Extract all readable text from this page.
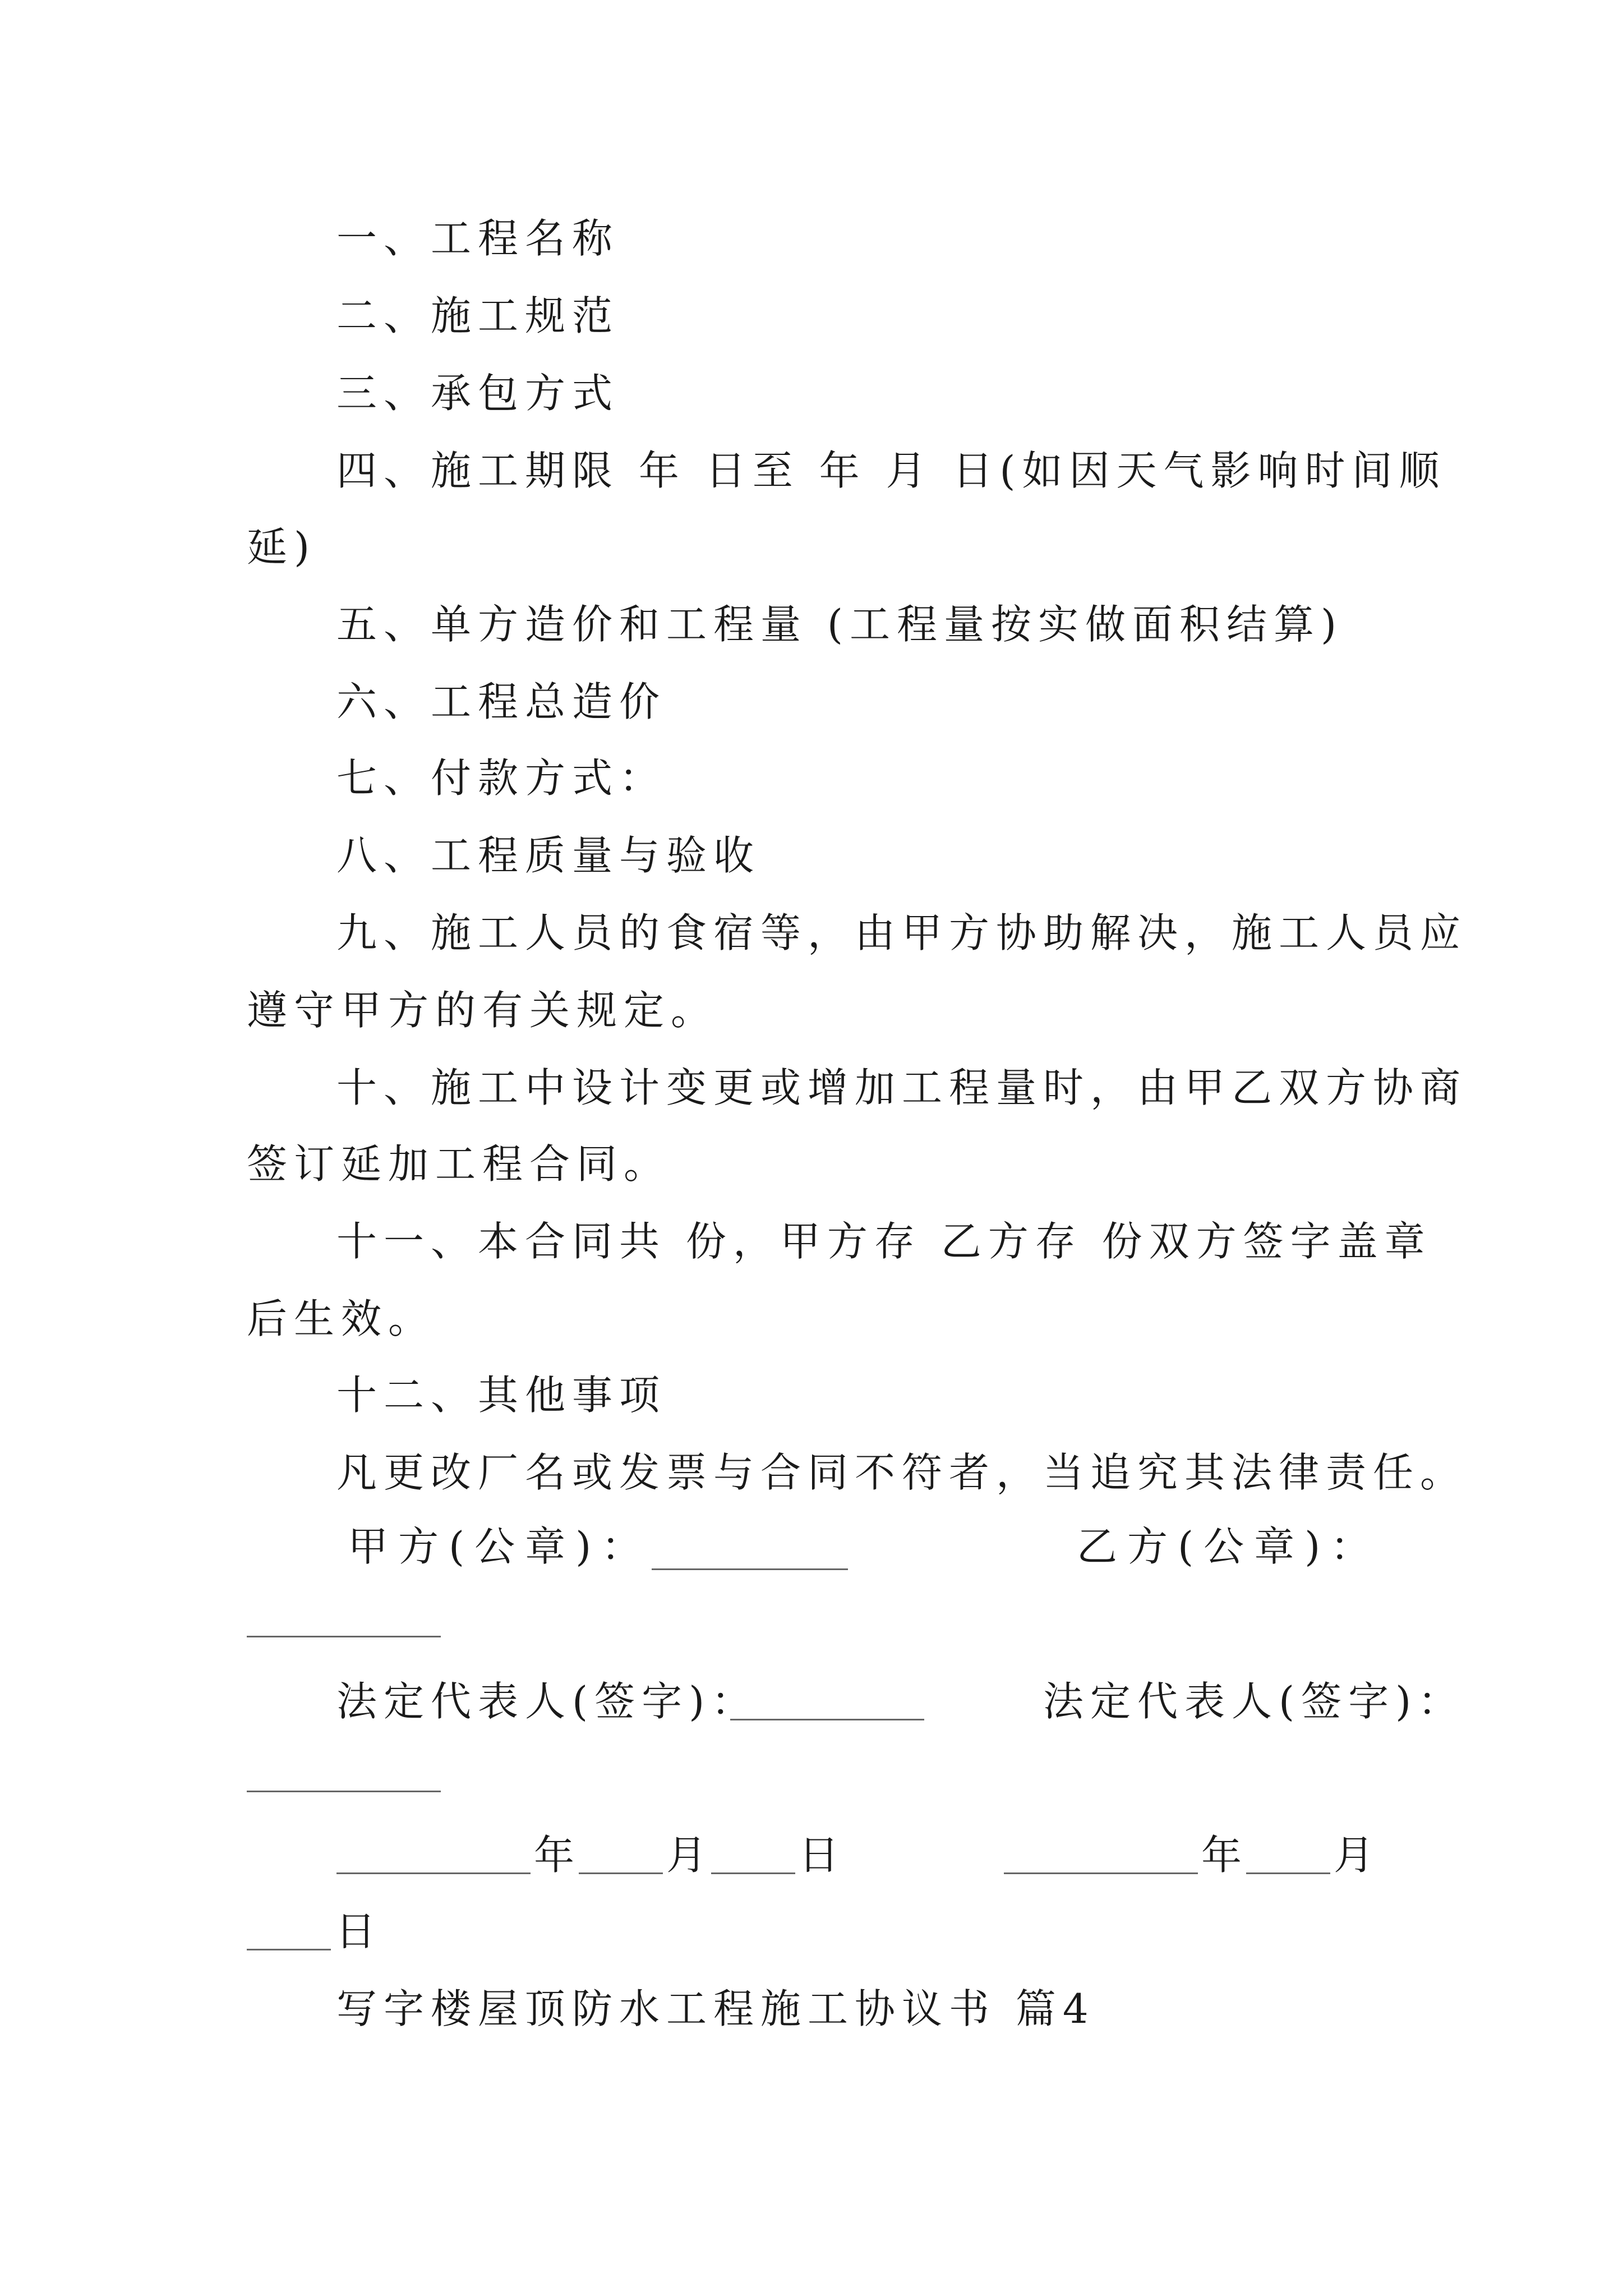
一、工程名称
二、施工规范
三、承包方式
四、施工期限 年 日至 年 月 日(如因天气影响时间顺
延)
五、单方造价和工程量 (工程量按实做面积结算)
六、工程总造价
七、付款方式：
八、工程质量与验收
九、施工人员的食宿等，由甲方协助解决，施工人员应
遵守甲方的有关规定。
十、施工中设计变更或增加工程量时，由甲乙双方协商
签订延加工程合同。
十一、本合同共 份，甲方存 乙方存 份双方签字盖章
后生效。
十二、其他事项
凡更改厂名或发票与合同不符者，当追究其法律责任。
甲方(公章)：	乙方(公章)：
法定代表人(签字)：	法定代表人(签字)：
年 月 日	年 月
日
写字楼屋顶防水工程施工协议书 篇4
